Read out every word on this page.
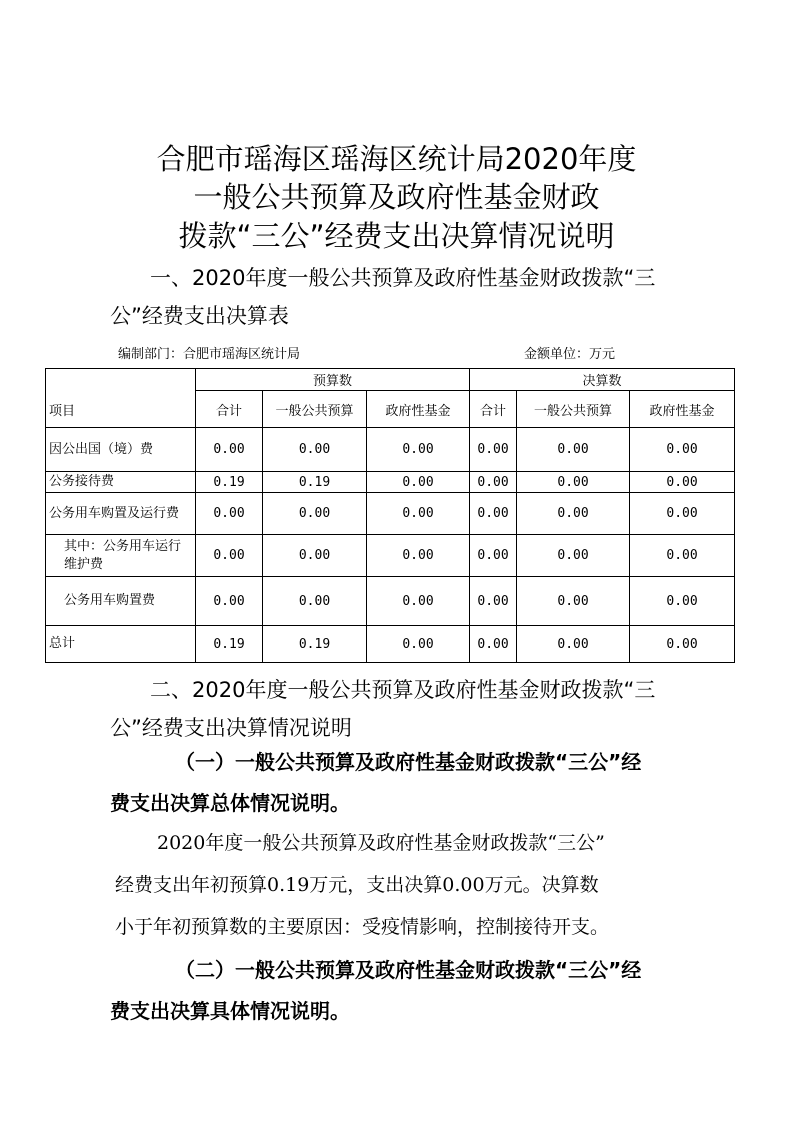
合肥市瑶海区瑶海区统计局2020年度
一般公共预算及政府性基金财政
拨款“三公”经费支出决算情况说明
一、2020年度一般公共预算及政府性基金财政拨款“三
公”经费支出决算表
编制部门：合肥市瑶海区统计局	金额单位：万元
项目	预算数			决算数		
	合计	一般公共预算	政府性基金	合计	一般公共预算	政府性基金
因公出国（境）费	0.00	0.00	0.00	0.00	0.00	0.00
公务接待费	0.19	0.19	0.00	0.00	0.00	0.00
公务用车购置及运行费	0.00	0.00	0.00	0.00	0.00	0.00
其中：公务用车运行维护费	0.00	0.00	0.00	0.00	0.00	0.00
公务用车购置费	0.00	0.00	0.00	0.00	0.00	0.00
总计	0.19	0.19	0.00	0.00	0.00	0.00
二、2020年度一般公共预算及政府性基金财政拨款“三
公”经费支出决算情况说明
（一）一般公共预算及政府性基金财政拨款“三公”经
费支出决算总体情况说明。
2020年度一般公共预算及政府性基金财政拨款“三公”
经费支出年初预算0.19万元，支出决算0.00万元。决算数
小于年初预算数的主要原因：受疫情影响，控制接待开支。
（二）一般公共预算及政府性基金财政拨款“三公”经
费支出决算具体情况说明。
